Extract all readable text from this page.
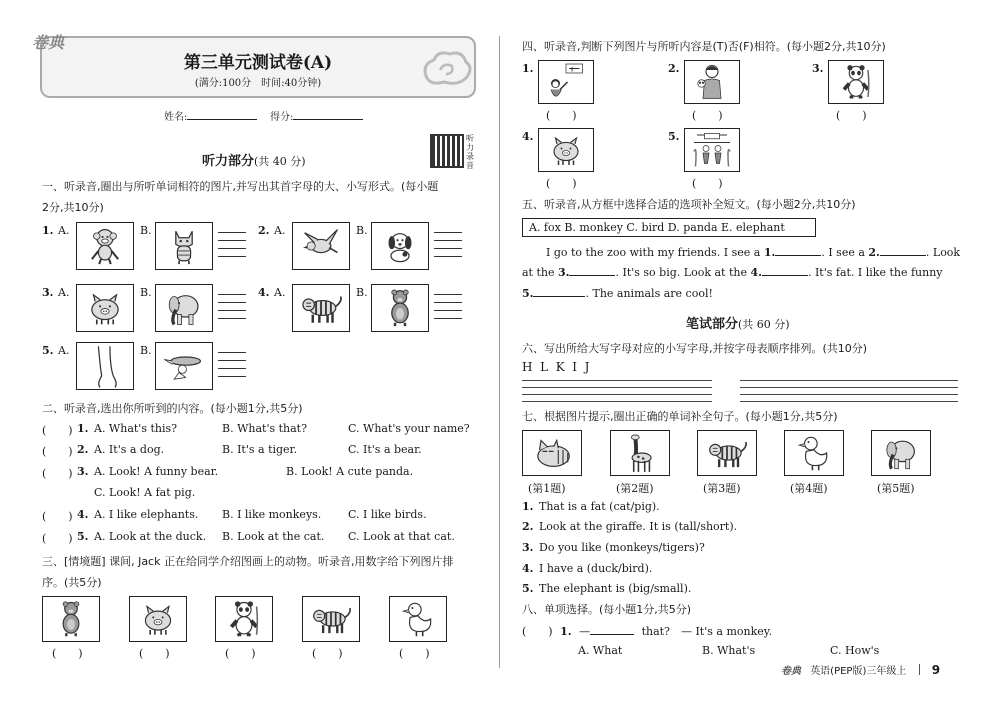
卷典
第三单元测试卷(A)
(满分:100分　时间:40分钟)
姓名:	得分:
听力录音
听力部分(共 40 分)
一、听录音,圈出与所听单词相符的图片,并写出其首字母的大、小写形式。(每小题
2分,共10分)
1. A.	B.	2. A.	B.
3. A.	B.	4. A.	B.
5. A.	B.
二、听录音,选出你所听到的内容。(每小题1分,共5分)
(　　) 1. A. What's this?	B. What's that?	C. What's your name?
(　　) 2. A. It's a dog.	B. It's a tiger.	C. It's a bear.
(　　) 3. A. Look! A funny bear.	B. Look! A cute panda.
C. Look! A fat pig.
(　　) 4. A. I like elephants. B. I like monkeys. C. I like birds.
(　　) 5. A. Look at the duck. B. Look at the cat. C. Look at that cat.
三、[情境题] 课间, Jack 正在给同学介绍图画上的动物。听录音,用数字给下列图片排
序。(共5分)
(　　)	(　　)	(　　)	(　　)	(　　)
四、听录音,判断下列图片与所听内容是(T)否(F)相符。(每小题2分,共10分)
1.
(　　)
2.
(　　)
3.
(　　)
4.
(　　)
5.
(　　)
五、听录音,从方框中选择合适的选项补全短文。(每小题2分,共10分)
A. fox B. monkey C. bird D. panda E. elephant
I go to the zoo with my friends. I see a 1.	. I see a 2.	. Look
at the 3.	. It's so big. Look at the 4.	. It's fat. I like the funny
5.	. The animals are cool!
笔试部分(共 60 分)
六、写出所给大写字母对应的小写字母,并按字母表顺序排列。(共10分)
H  L  K  I  J
七、根据图片提示,圈出正确的单词补全句子。(每小题1分,共5分)
(第1题)	(第2题)	(第3题)	(第4题)	(第5题)
1. That is a fat (cat/pig).
2. Look at the giraffe. It is (tall/short).
3. Do you like (monkeys/tigers)?
4. I have a (duck/bird).
5. The elephant is (big/small).
八、单项选择。(每小题1分,共5分)
(　　) 1. —	that?　— It's a monkey.
A. What	B. What's	C. How's
卷典 英语(PEP版)三年级上 9
